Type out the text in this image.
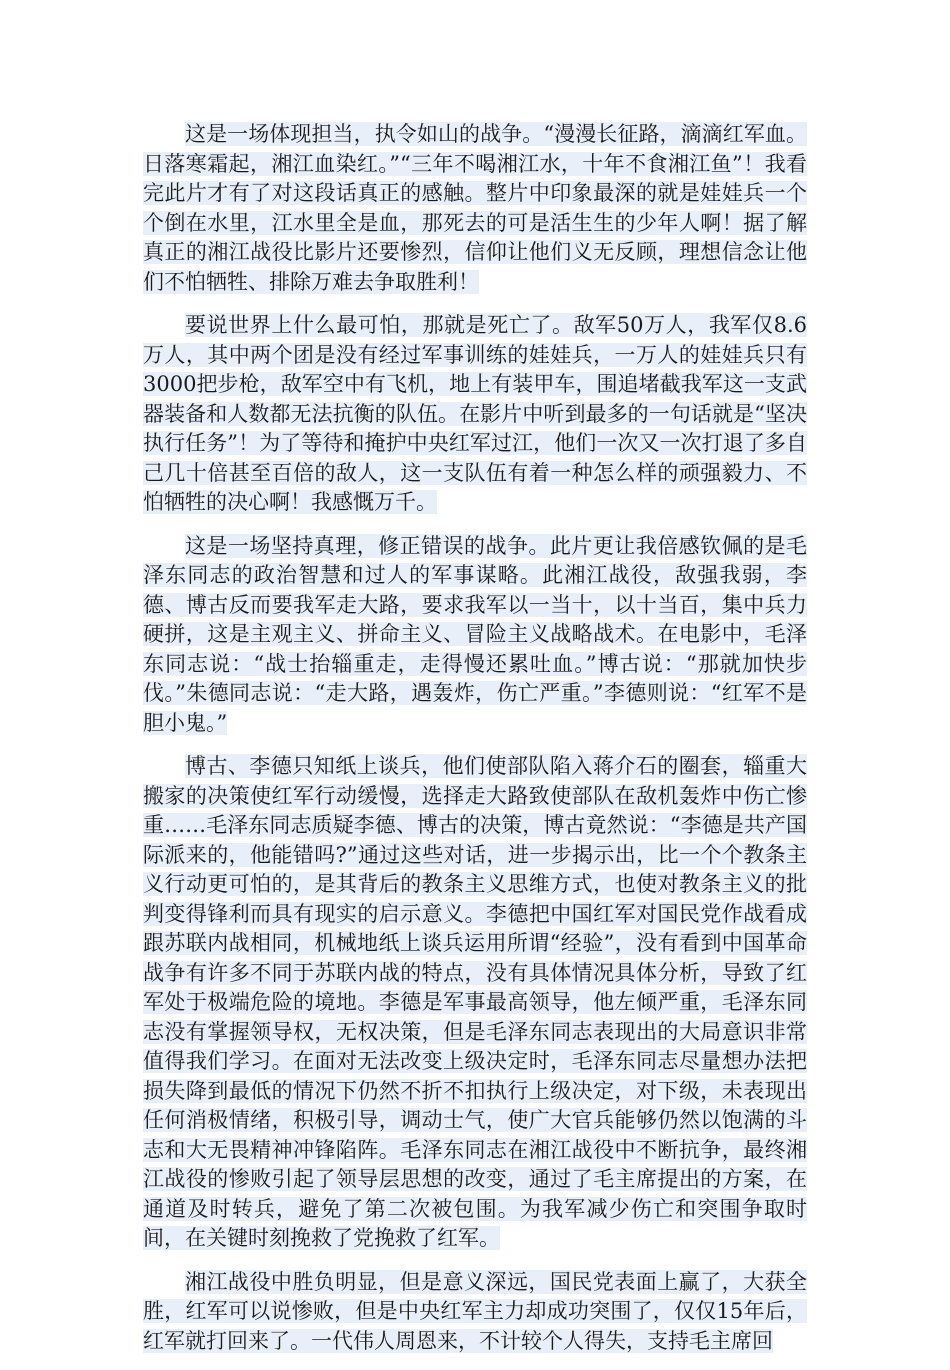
这是一场体现担当，执令如山的战争。“漫漫长征路，滴滴红军血。日落寒霜起，湘江血染红。”“三年不喝湘江水，十年不食湘江鱼”！我看完此片才有了对这段话真正的感触。整片中印象最深的就是娃娃兵一个个倒在水里，江水里全是血，那死去的可是活生生的少年人啊！据了解真正的湘江战役比影片还要惨烈，信仰让他们义无反顾，理想信念让他们不怕牺牲、排除万难去争取胜利！

要说世界上什么最可怕，那就是死亡了。敌军50万人，我军仅8.6万人，其中两个团是没有经过军事训练的娃娃兵，一万人的娃娃兵只有3000把步枪，敌军空中有飞机，地上有装甲车，围追堵截我军这一支武器装备和人数都无法抗衡的队伍。在影片中听到最多的一句话就是“坚决执行任务”！为了等待和掩护中央红军过江，他们一次又一次打退了多自己几十倍甚至百倍的敌人，这一支队伍有着一种怎么样的顽强毅力、不怕牺牲的决心啊！我感慨万千。

这是一场坚持真理，修正错误的战争。此片更让我倍感钦佩的是毛泽东同志的政治智慧和过人的军事谋略。此湘江战役，敌强我弱，李德、博古反而要我军走大路，要求我军以一当十，以十当百，集中兵力硬拼，这是主观主义、拼命主义、冒险主义战略战术。在电影中，毛泽东同志说：“战士抬辎重走，走得慢还累吐血。”博古说：“那就加快步伐。”朱德同志说：“走大路，遇轰炸，伤亡严重。”李德则说：“红军不是胆小鬼。”

博古、李德只知纸上谈兵，他们使部队陷入蒋介石的圈套，辎重大搬家的决策使红军行动缓慢，选择走大路致使部队在敌机轰炸中伤亡惨重……毛泽东同志质疑李德、博古的决策，博古竟然说：“李德是共产国际派来的，他能错吗?”通过这些对话，进一步揭示出，比一个个教条主义行动更可怕的，是其背后的教条主义思维方式，也使对教条主义的批判变得锋利而具有现实的启示意义。李德把中国红军对国民党作战看成跟苏联内战相同，机械地纸上谈兵运用所谓“经验”，没有看到中国革命战争有许多不同于苏联内战的特点，没有具体情况具体分析，导致了红军处于极端危险的境地。李德是军事最高领导，他左倾严重，毛泽东同志没有掌握领导权，无权决策，但是毛泽东同志表现出的大局意识非常值得我们学习。在面对无法改变上级决定时，毛泽东同志尽量想办法把损失降到最低的情况下仍然不折不扣执行上级决定，对下级，未表现出任何消极情绪，积极引导，调动士气，使广大官兵能够仍然以饱满的斗志和大无畏精神冲锋陷阵。毛泽东同志在湘江战役中不断抗争，最终湘江战役的惨败引起了领导层思想的改变，通过了毛主席提出的方案，在通道及时转兵，避免了第二次被包围。为我军减少伤亡和突围争取时间，在关键时刻挽救了党挽救了红军。

湘江战役中胜负明显，但是意义深远，国民党表面上赢了，大获全胜，红军可以说惨败，但是中央红军主力却成功突围了，仅仅15年后，红军就打回来了。一代伟人周恩来，不计较个人得失，支持毛主席回
